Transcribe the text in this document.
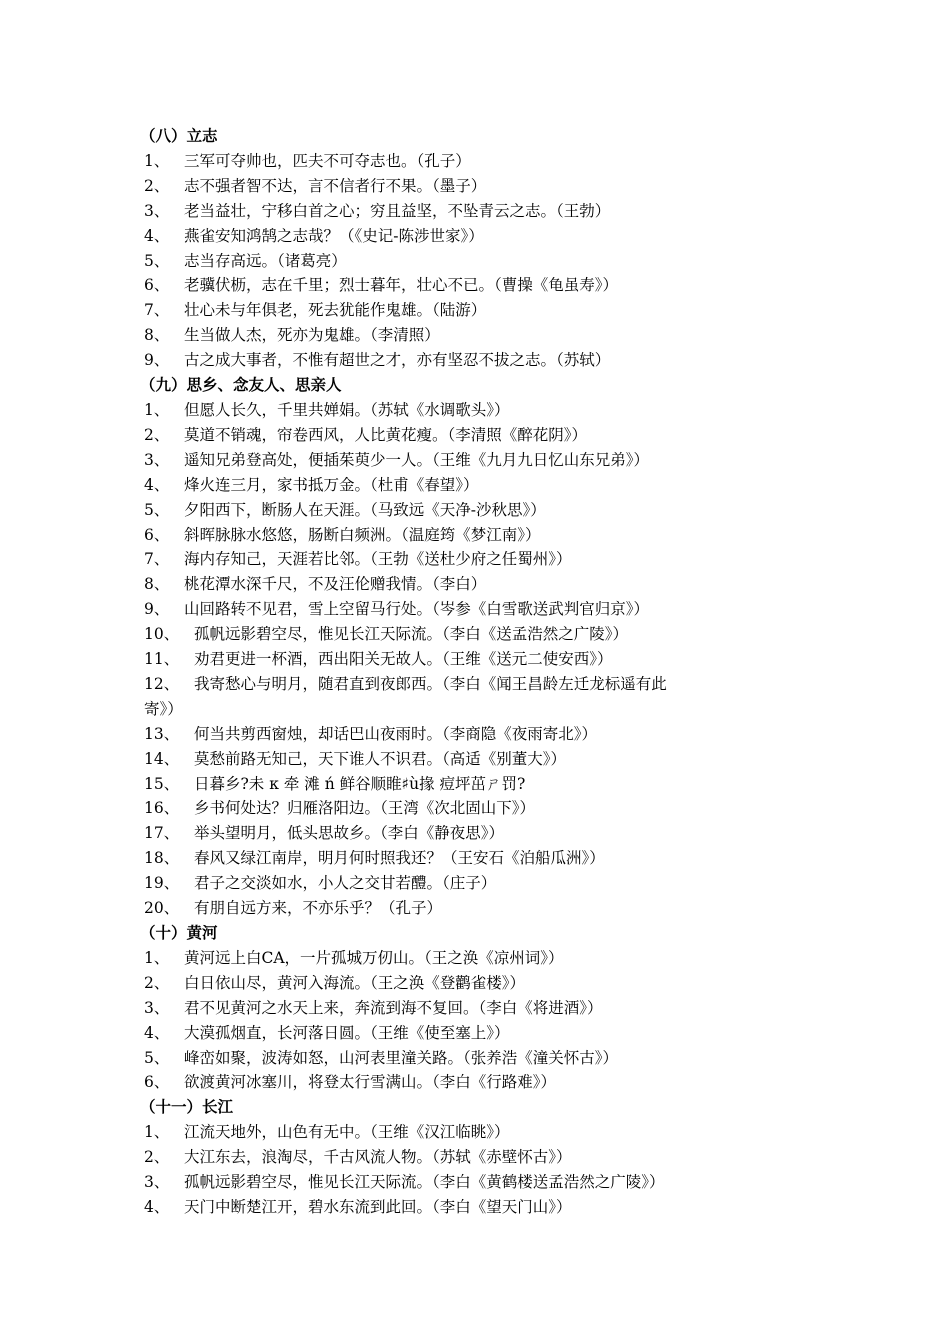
（八）立志
1、 三军可夺帅也，匹夫不可夺志也。（孔子）
2、 志不强者智不达，言不信者行不果。（墨子）
3、 老当益壮，宁移白首之心；穷且益坚，不坠青云之志。（王勃）
4、 燕雀安知鸿鹄之志哉？（《史记-陈涉世家》）
5、 志当存高远。（诸葛亮）
6、 老骥伏枥，志在千里；烈士暮年，壮心不已。（曹操《龟虽寿》）
7、 壮心未与年俱老，死去犹能作鬼雄。（陆游）
8、 生当做人杰，死亦为鬼雄。（李清照）
9、 古之成大事者，不惟有超世之才，亦有坚忍不拔之志。（苏轼）
（九）思乡、念友人、思亲人
1、 但愿人长久，千里共婵娟。（苏轼《水调歌头》）
2、 莫道不销魂，帘卷西风，人比黄花瘦。（李清照《醉花阴》）
3、 遥知兄弟登高处，便插茱萸少一人。（王维《九月九日忆山东兄弟》）
4、 烽火连三月，家书抵万金。（杜甫《春望》）
5、 夕阳西下，断肠人在天涯。（马致远《天净-沙秋思》）
6、 斜晖脉脉水悠悠，肠断白频洲。（温庭筠《梦江南》）
7、 海内存知己，天涯若比邻。（王勃《送杜少府之任蜀州》）
8、 桃花潭水深千尺，不及汪伦赠我情。（李白）
9、 山回路转不见君，雪上空留马行处。（岑参《白雪歌送武判官归京》）
10、 孤帆远影碧空尽，惟见长江天际流。（李白《送孟浩然之广陵》）
11、 劝君更进一杯酒，西出阳关无故人。（王维《送元二使安西》）
12、 我寄愁心与明月，随君直到夜郎西。（李白《闻王昌龄左迁龙标遥有此
寄》）
13、 何当共剪西窗烛，却话巴山夜雨时。（李商隐《夜雨寄北》）
14、 莫愁前路无知己，天下谁人不识君。（高适《别董大》）
15、 日暮乡?未 κ 牵 滩 ń 鲜谷顺睢♯ù掾 痘坪茁ㄕ罚?
16、 乡书何处达？归雁洛阳边。（王湾《次北固山下》）
17、 举头望明月，低头思故乡。（李白《静夜思》）
18、 春风又绿江南岸，明月何时照我还？（王安石《泊船瓜洲》）
19、 君子之交淡如水，小人之交甘若醴。（庄子）
20、 有朋自远方来，不亦乐乎？（孔子）
（十）黄河
1、 黄河远上白CA，一片孤城万仞山。（王之涣《凉州词》）
2、 白日依山尽，黄河入海流。（王之涣《登鹳雀楼》）
3、 君不见黄河之水天上来，奔流到海不复回。（李白《将进酒》）
4、 大漠孤烟直，长河落日圆。（王维《使至塞上》）
5、 峰峦如聚，波涛如怒，山河表里潼关路。（张养浩《潼关怀古》）
6、 欲渡黄河冰塞川，将登太行雪满山。（李白《行路难》）
（十一）长江
1、 江流天地外，山色有无中。（王维《汉江临眺》）
2、 大江东去，浪淘尽，千古风流人物。（苏轼《赤壁怀古》）
3、 孤帆远影碧空尽，惟见长江天际流。（李白《黄鹤楼送孟浩然之广陵》）
4、 天门中断楚江开，碧水东流到此回。（李白《望天门山》）
